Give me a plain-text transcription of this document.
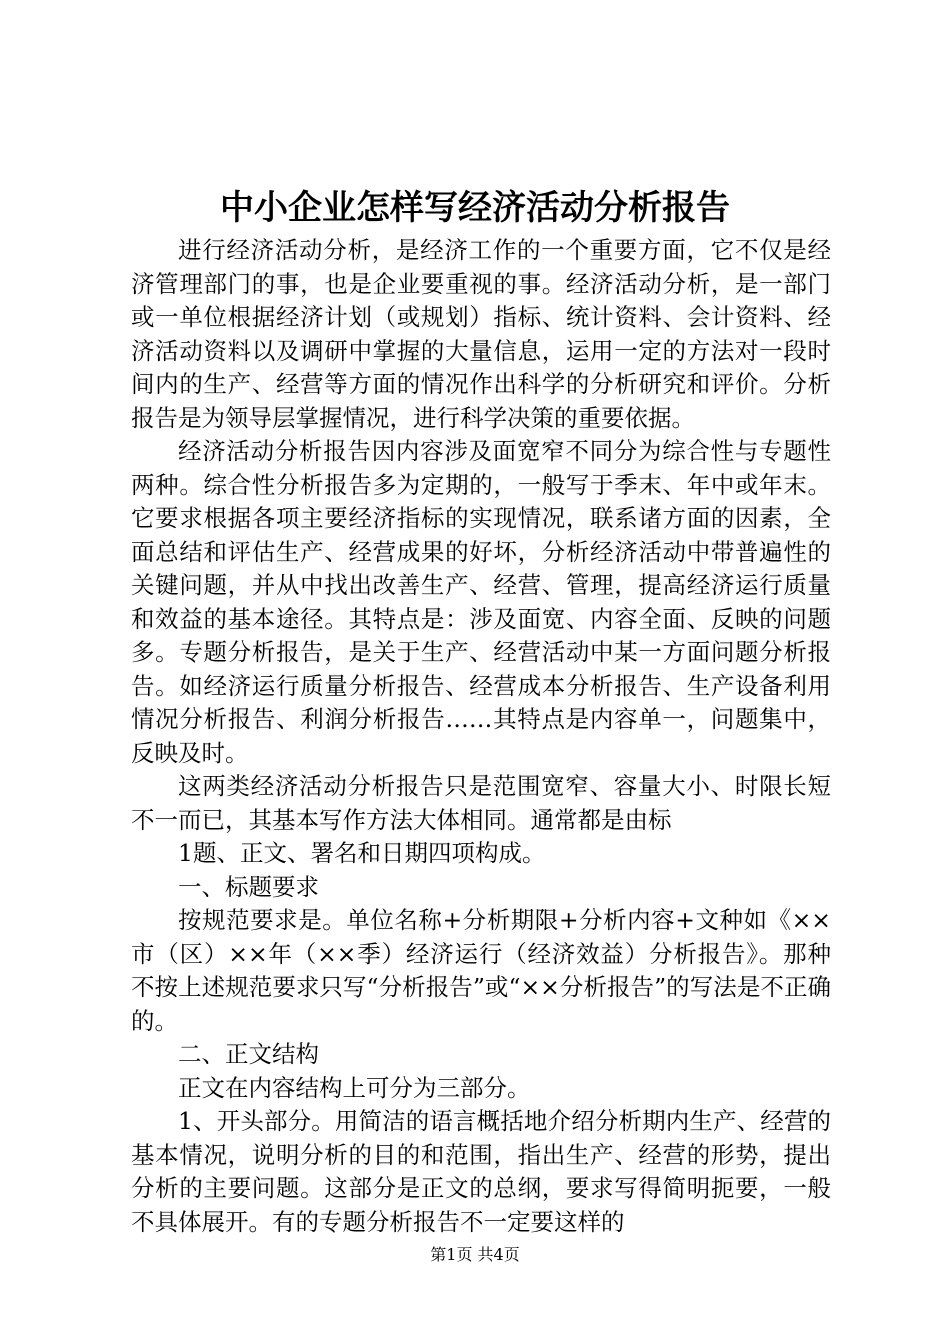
中小企业怎样写经济活动分析报告

进行经济活动分析，是经济工作的一个重要方面，它不仅是经济管理部门的事，也是企业要重视的事。经济活动分析，是一部门或一单位根据经济计划（或规划）指标、统计资料、会计资料、经济活动资料以及调研中掌握的大量信息，运用一定的方法对一段时间内的生产、经营等方面的情况作出科学的分析研究和评价。分析报告是为领导层掌握情况，进行科学决策的重要依据。

经济活动分析报告因内容涉及面宽窄不同分为综合性与专题性两种。综合性分析报告多为定期的，一般写于季末、年中或年末。它要求根据各项主要经济指标的实现情况，联系诸方面的因素，全面总结和评估生产、经营成果的好坏，分析经济活动中带普遍性的关键问题，并从中找出改善生产、经营、管理，提高经济运行质量和效益的基本途径。其特点是：涉及面宽、内容全面、反映的问题多。专题分析报告，是关于生产、经营活动中某一方面问题分析报告。如经济运行质量分析报告、经营成本分析报告、生产设备利用情况分析报告、利润分析报告……其特点是内容单一，问题集中，反映及时。

这两类经济活动分析报告只是范围宽窄、容量大小、时限长短不一而已，其基本写作方法大体相同。通常都是由标

1题、正文、署名和日期四项构成。

一、标题要求

按规范要求是。单位名称+分析期限+分析内容+文种如《××市（区）××年（××季）经济运行（经济效益）分析报告》。那种不按上述规范要求只写“分析报告”或“××分析报告”的写法是不正确的。

二、正文结构

正文在内容结构上可分为三部分。

1、开头部分。用简洁的语言概括地介绍分析期内生产、经营的基本情况，说明分析的目的和范围，指出生产、经营的形势，提出分析的主要问题。这部分是正文的总纲，要求写得简明扼要，一般不具体展开。有的专题分析报告不一定要这样的

第1页 共4页
